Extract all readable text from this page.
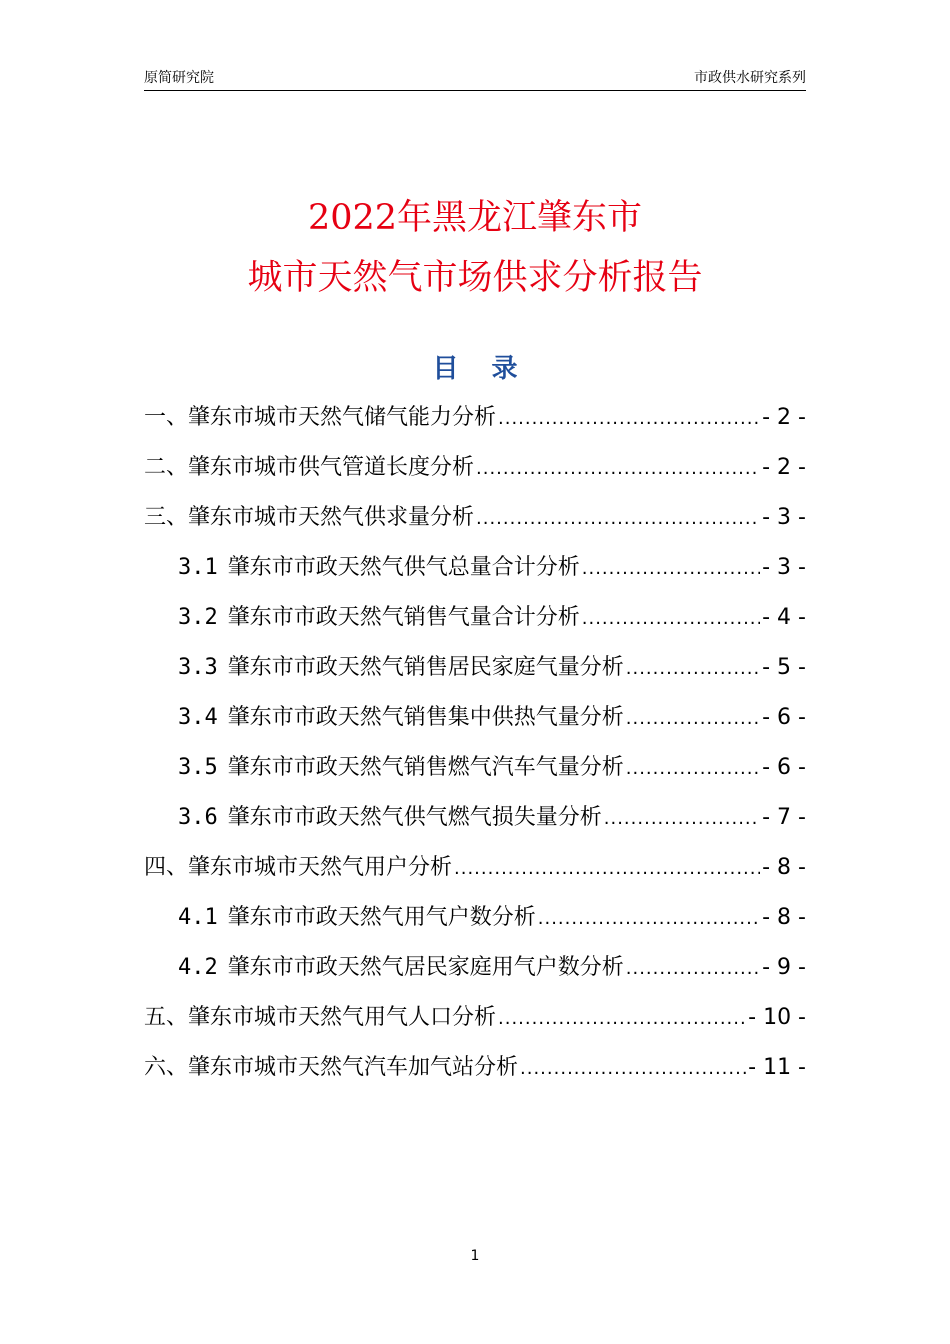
原简研究院	市政供水研究系列
2022年黑龙江肇东市
城市天然气市场供求分析报告
目 录
一、肇东市城市天然气储气能力分析 .....	- 2 -
二、肇东市城市供气管道长度分析 .....	- 2 -
三、肇东市城市天然气供求量分析 .....	- 3 -
3.1 肇东市市政天然气供气总量合计分析 .....	- 3 -
3.2 肇东市市政天然气销售气量合计分析 .....	- 4 -
3.3 肇东市市政天然气销售居民家庭气量分析 .....	- 5 -
3.4 肇东市市政天然气销售集中供热气量分析 .....	- 6 -
3.5 肇东市市政天然气销售燃气汽车气量分析 .....	- 6 -
3.6 肇东市市政天然气供气燃气损失量分析 .....	- 7 -
四、肇东市城市天然气用户分析 .....	- 8 -
4.1 肇东市市政天然气用气户数分析 .....	- 8 -
4.2 肇东市市政天然气居民家庭用气户数分析 .....	- 9 -
五、肇东市城市天然气用气人口分析 .....	- 10 -
六、肇东市城市天然气汽车加气站分析 .....	- 11 -
1
